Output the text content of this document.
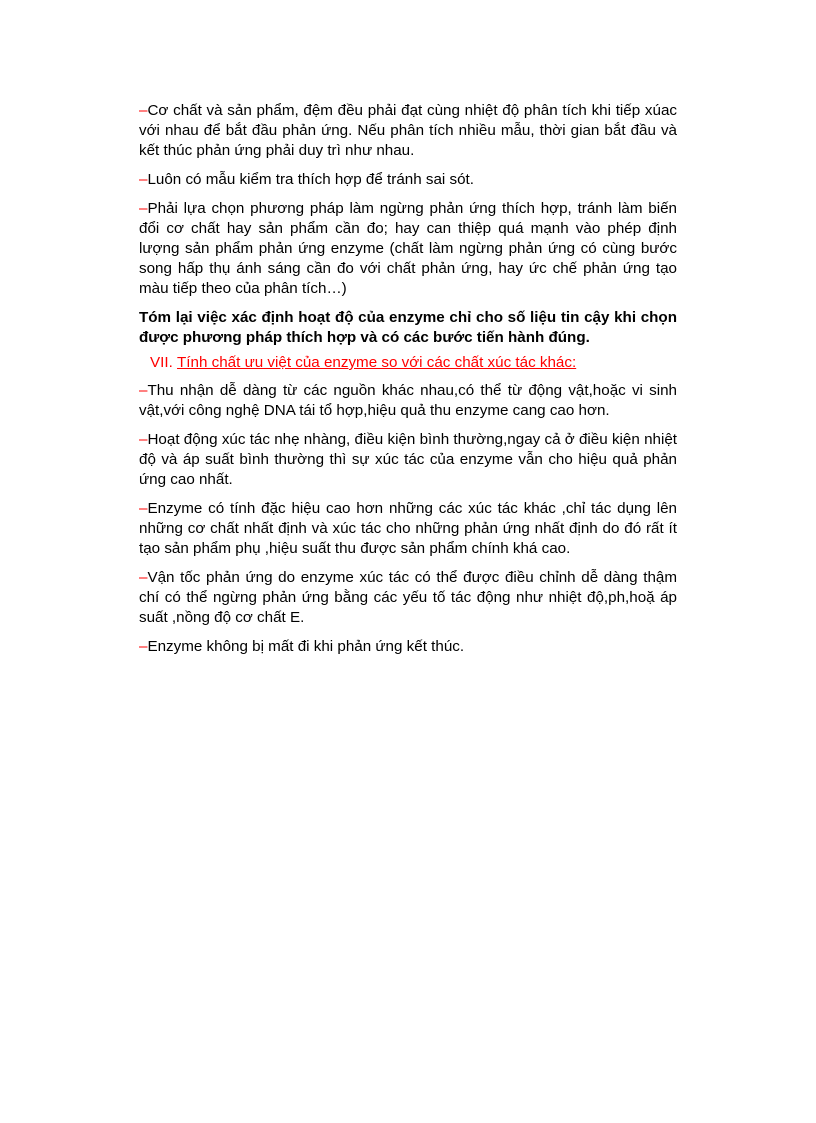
–Cơ chất và sản phẩm, đệm đều phải đạt cùng nhiệt độ phân tích khi tiếp xúac với nhau để bắt đầu phản ứng. Nếu phân tích nhiều mẫu, thời gian bắt đầu và kết thúc phản ứng phải duy trì như nhau.

–Luôn có mẫu kiểm tra thích hợp để tránh sai sót.

–Phải lựa chọn phương pháp làm ngừng phản ứng thích hợp, tránh làm biến đổi cơ chất hay sản phẩm cần đo; hay can thiệp quá mạnh vào phép định lượng sản phẩm phản ứng enzyme (chất làm ngừng phản ứng có cùng bước song hấp thụ ánh sáng cần đo với chất phản ứng, hay ức chế phản ứng tạo màu tiếp theo của phân tích…)

Tóm lại việc xác định hoạt độ của enzyme chỉ cho số liệu tin cậy khi chọn được phương pháp thích hợp và có các bước tiến hành đúng.

VII. Tính chất ưu việt của enzyme so với các chất xúc tác khác:

–Thu nhận dễ dàng từ các nguồn khác nhau,có thể từ động vật,hoặc vi sinh vật,với công nghệ DNA tái tổ hợp,hiệu quả thu enzyme cang cao hơn.

–Hoạt động xúc tác nhẹ nhàng, điều kiện bình thường,ngay cả ở điều kiện nhiệt độ và áp suất bình thường thì sự xúc tác của enzyme vẫn cho hiệu quả phản ứng cao nhất.

–Enzyme có tính đặc hiệu cao hơn những các xúc tác khác ,chỉ tác dụng lên những cơ chất nhất định và xúc tác cho những phản ứng nhất định do đó rất ít tạo sản phẩm phụ ,hiệu suất thu được sản phẩm chính khá cao.

–Vận tốc phản ứng do enzyme xúc tác có thể được điều chỉnh dễ dàng thậm chí có thể ngừng phản ứng bằng các yếu tố tác động như nhiệt độ,ph,hoặ áp suất ,nồng độ cơ chất E.

–Enzyme không bị mất đi khi phản ứng kết thúc.
